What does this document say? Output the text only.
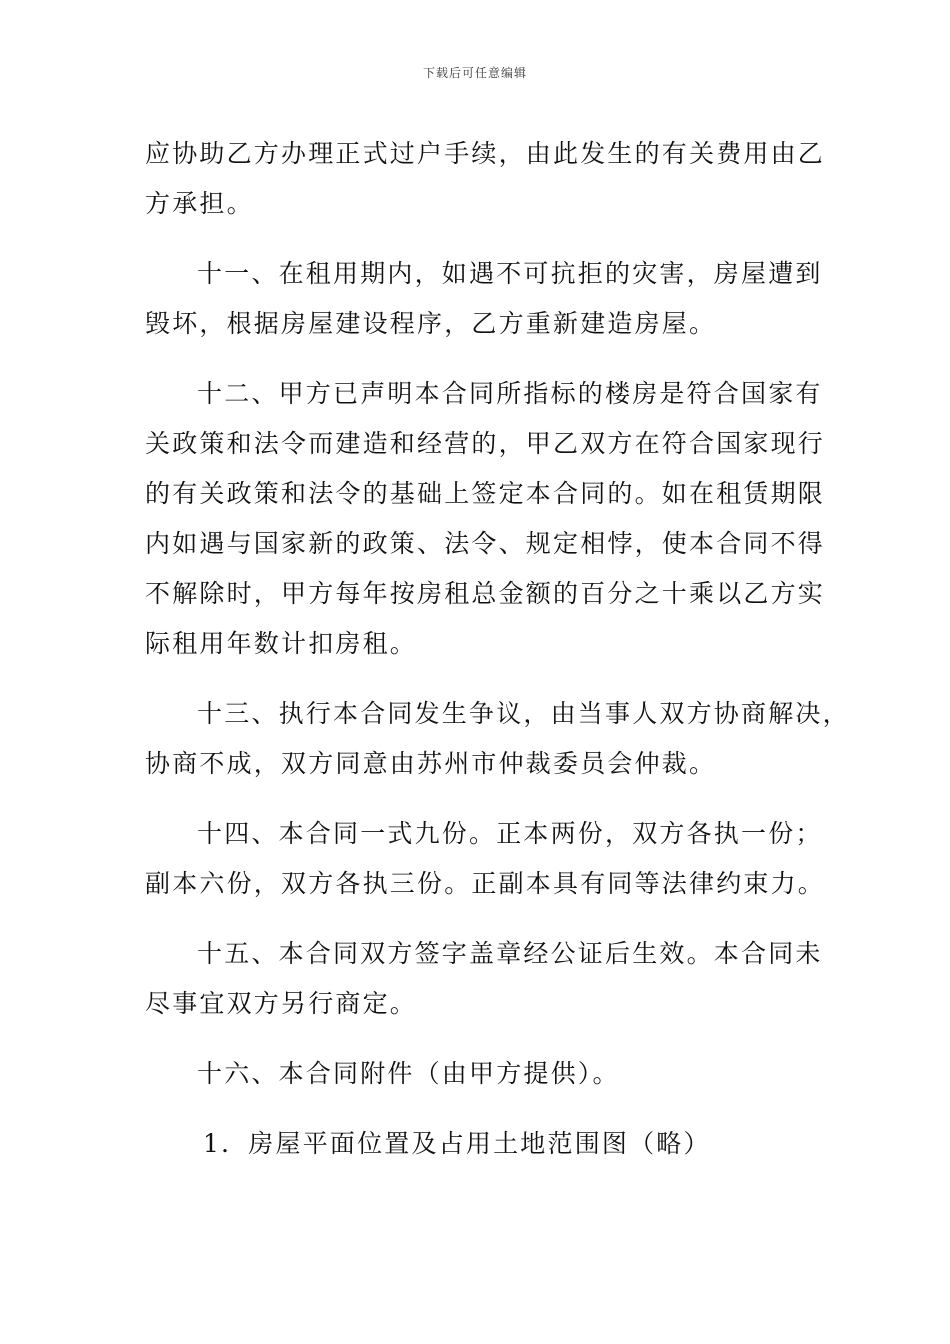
下载后可任意编辑
应协助乙方办理正式过户手续，由此发生的有关费用由乙
方承担。
十一、在租用期内，如遇不可抗拒的灾害，房屋遭到
毁坏，根据房屋建设程序，乙方重新建造房屋。
十二、甲方已声明本合同所指标的楼房是符合国家有
关政策和法令而建造和经营的，甲乙双方在符合国家现行
的有关政策和法令的基础上签定本合同的。如在租赁期限
内如遇与国家新的政策、法令、规定相悖，使本合同不得
不解除时，甲方每年按房租总金额的百分之十乘以乙方实
际租用年数计扣房租。
十三、执行本合同发生争议，由当事人双方协商解决，
协商不成，双方同意由苏州市仲裁委员会仲裁。
十四、本合同一式九份。正本两份，双方各执一份；
副本六份，双方各执三份。正副本具有同等法律约束力。
十五、本合同双方签字盖章经公证后生效。本合同未
尽事宜双方另行商定。
十六、本合同附件（由甲方提供）。
1．房屋平面位置及占用土地范围图（略）
